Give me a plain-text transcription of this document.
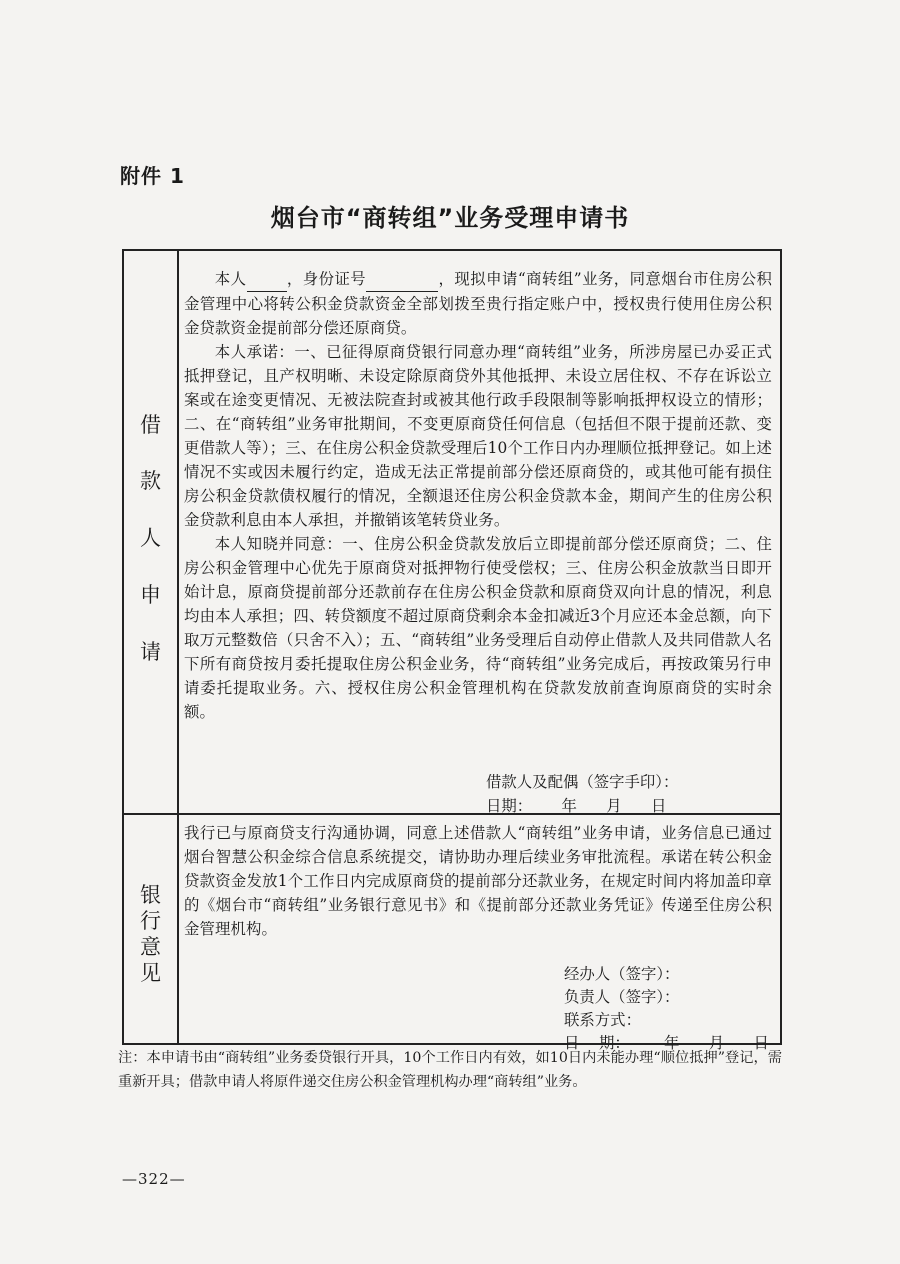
附件 1
烟台市“商转组”业务受理申请书
借
款
人
申
请

本人	，身份证号	，现拟申请“商转组”业务，同意烟台市住房公积金管理中心将转公积金贷款资金全部划拨至贵行指定账户中，授权贵行使用住房公积金贷款资金提前部分偿还原商贷。

本人承诺：一、已征得原商贷银行同意办理“商转组”业务，所涉房屋已办妥正式抵押登记，且产权明晰、未设定除原商贷外其他抵押、未设立居住权、不存在诉讼立案或在途变更情况、无被法院查封或被其他行政手段限制等影响抵押权设立的情形；二、在“商转组”业务审批期间，不变更原商贷任何信息（包括但不限于提前还款、变更借款人等）；三、在住房公积金贷款受理后10个工作日内办理顺位抵押登记。如上述情况不实或因未履行约定，造成无法正常提前部分偿还原商贷的，或其他可能有损住房公积金贷款债权履行的情况，全额退还住房公积金贷款本金，期间产生的住房公积金贷款利息由本人承担，并撤销该笔转贷业务。

本人知晓并同意：一、住房公积金贷款发放后立即提前部分偿还原商贷；二、住房公积金管理中心优先于原商贷对抵押物行使受偿权；三、住房公积金放款当日即开始计息，原商贷提前部分还款前存在住房公积金贷款和原商贷双向计息的情况，利息均由本人承担；四、转贷额度不超过原商贷剩余本金扣减近3个月应还本金总额，向下取万元整数倍（只舍不入）；五、“商转组”业务受理后自动停止借款人及共同借款人名下所有商贷按月委托提取住房公积金业务，待“商转组”业务完成后，再按政策另行申请委托提取业务。六、授权住房公积金管理机构在贷款发放前查询原商贷的实时余额。

借款人及配偶（签字手印）：
日期：      年      月      日
银
行
意
见

我行已与原商贷支行沟通协调，同意上述借款人“商转组”业务申请，业务信息已通过烟台智慧公积金综合信息系统提交，请协助办理后续业务审批流程。承诺在转公积金贷款资金发放1个工作日内完成原商贷的提前部分还款业务，在规定时间内将加盖印章的《烟台市“商转组”业务银行意见书》和《提前部分还款业务凭证》传递至住房公积金管理机构。

经办人（签字）：
负责人（签字）：
联系方式：
日    期：       年      月      日
注：本申请书由“商转组”业务委贷银行开具，10个工作日内有效，如10日内未能办理“顺位抵押”登记，需重新开具；借款申请人将原件递交住房公积金管理机构办理“商转组”业务。
—322—
